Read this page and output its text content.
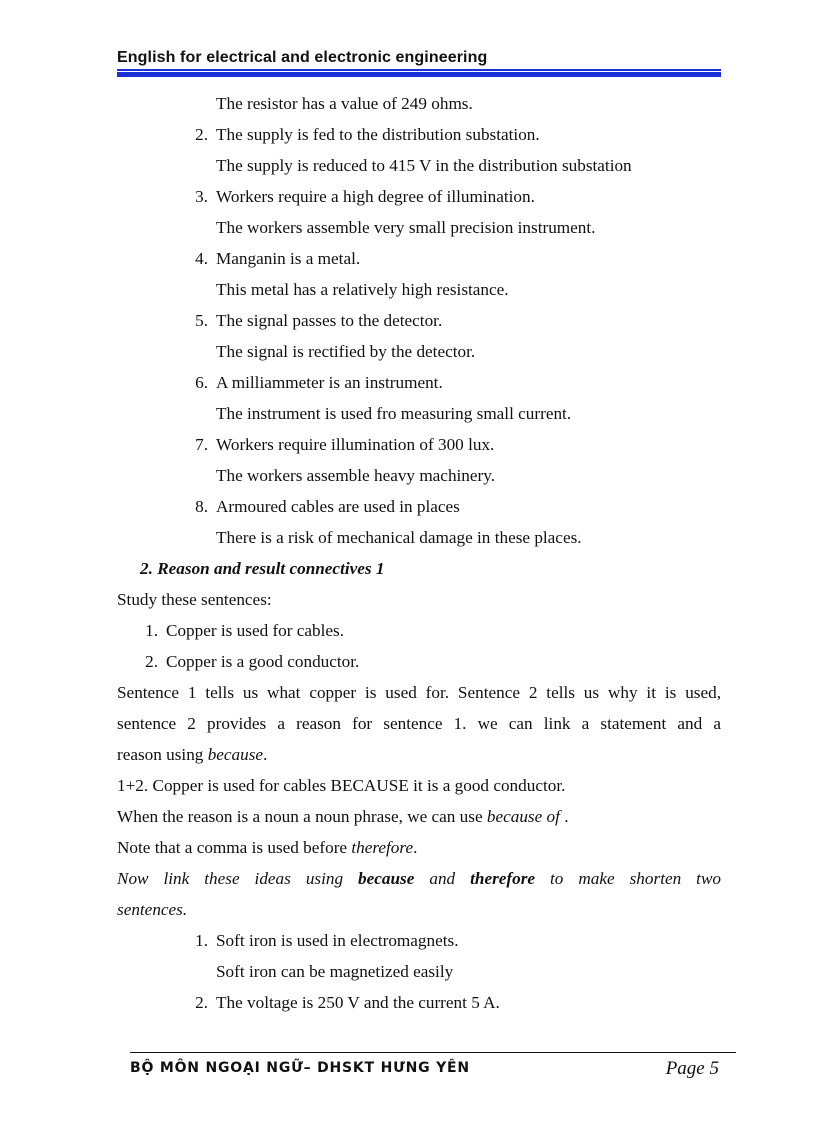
English for electrical and electronic engineering
The resistor has a value of 249 ohms.
2. The supply is fed to the distribution substation.
The supply is reduced to 415 V in the distribution substation
3. Workers require a high degree of illumination.
The workers assemble very small precision instrument.
4. Manganin is a metal.
This metal has a relatively high resistance.
5. The signal passes to the detector.
The signal is rectified by the detector.
6. A milliammeter is an instrument.
The instrument is used fro measuring small current.
7. Workers require illumination of 300 lux.
The workers assemble heavy machinery.
8. Armoured cables are used in places
There is a risk of mechanical damage in these places.
2. Reason and result connectives 1
Study these sentences:
1. Copper is used for cables.
2. Copper is a good conductor.
Sentence 1 tells us what copper is used for. Sentence 2 tells us why it is used,
sentence 2 provides a reason for sentence 1. we can link a statement and a
reason using because.
1+2. Copper is used for cables BECAUSE it is a good conductor.
When the reason is a noun a noun phrase, we can use because of .
Note that a comma is used before therefore.
Now link these ideas using because and therefore to make shorten two
sentences.
1. Soft iron is used in electromagnets.
Soft iron can be magnetized easily
2. The voltage is 250 V and the current 5 A.
BỘ MÔN NGOẠI NGỮ– DHSKT HƯNG YÊN	Page 5
